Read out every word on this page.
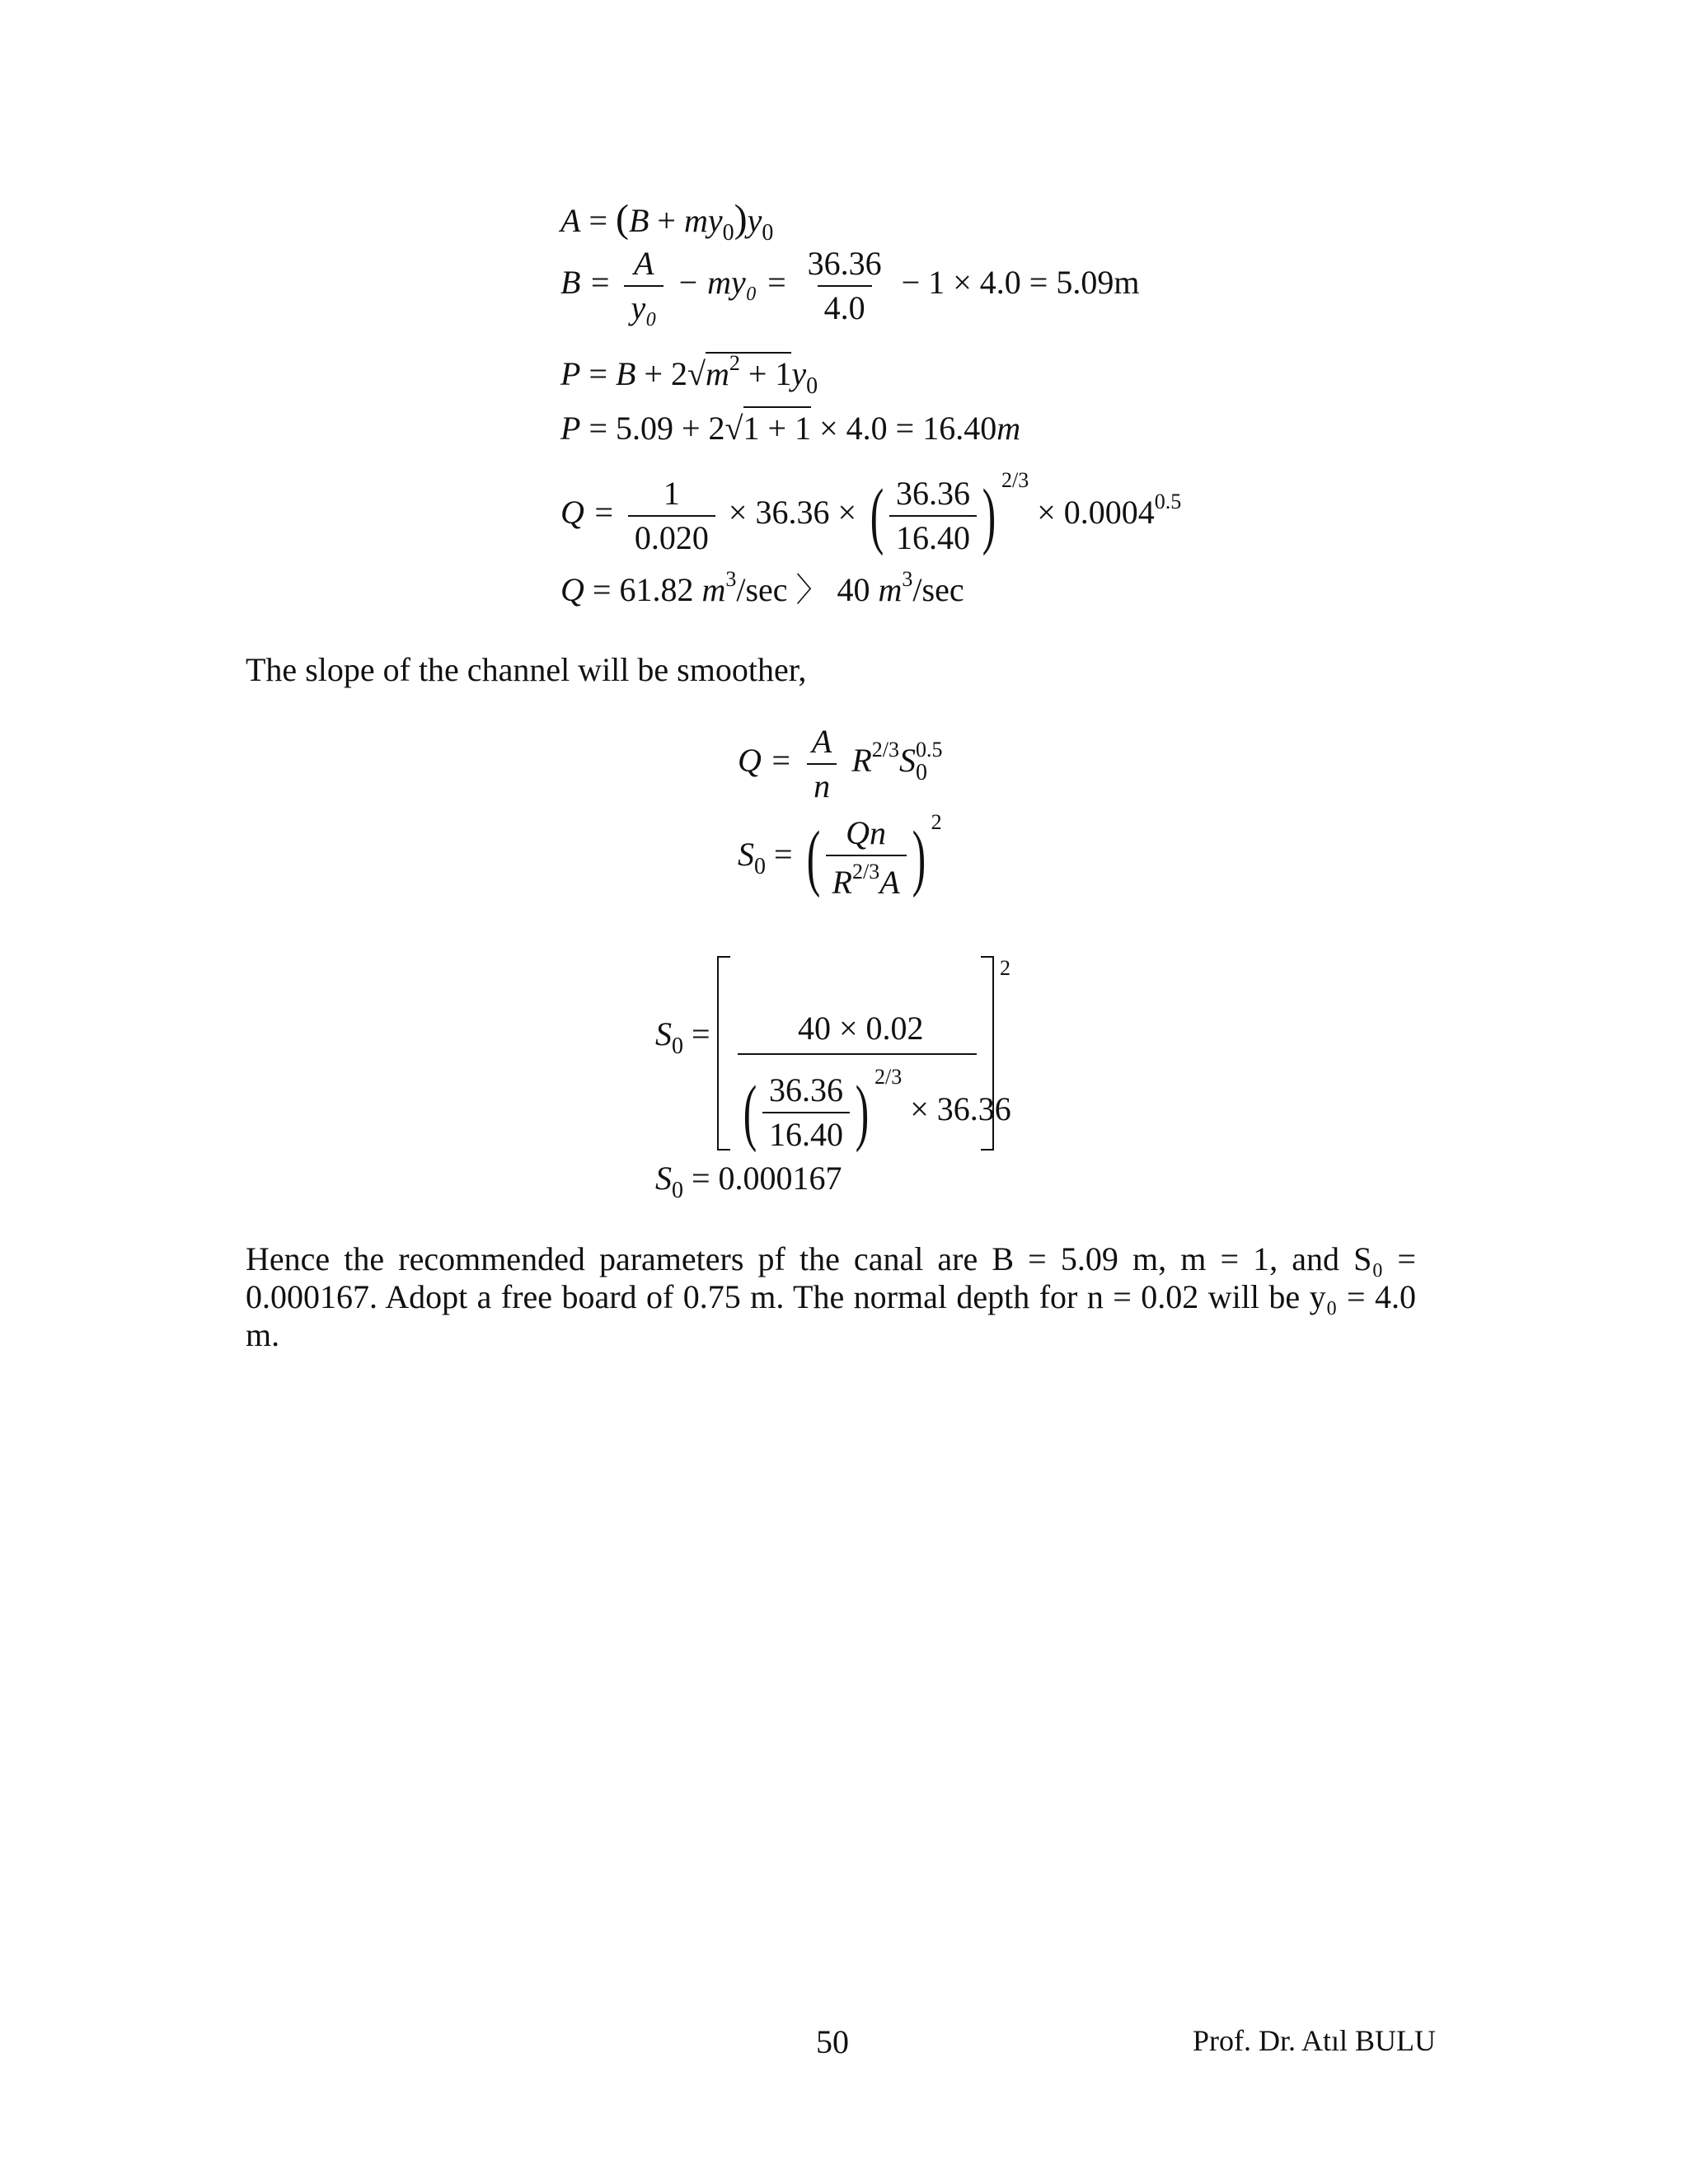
$A = (B + my_0)y_0$
$B = \frac{A}{\text{y₀}} - my_0 = \frac{36.36}{4.0} - 1 \times 4.0 = 5.09m$
$P = B + 2√m^2 + 1y_0$
P = 5.09 + 2√1 + 1 × 4.0 = 16.40m
$Q = \frac{1}{0.020} \times 36.36$ × ( $\frac{36.36}{16.40}$ ) $^{2/3} \times 0.0004^{0.5}$
Q = 61.82 $m^3/\sec$ 〉 40 $m^3/\sec$
The slope of the channel will be smoother,
$Q = \frac{A}{n} R^{2/3}S_0^{0.5}$
$S_0$ = ( $\frac{Qn}{R^{2/3}A}$ ) $^2$
$S_0$ =
2
40 × 0.02
( $\frac{36.36}{16.40}$ ) $^{2/3}$ × 36.36
$S_0 = 0.000167$
Hence the recommended parameters pf the canal are B = 5.09 m, m = 1, and S₀ = 0.000167. Adopt a free board of 0.75 m. The normal depth for n = 0.02 will be y₀ = 4.0 m.
50	Prof. Dr. Atıl BULU
